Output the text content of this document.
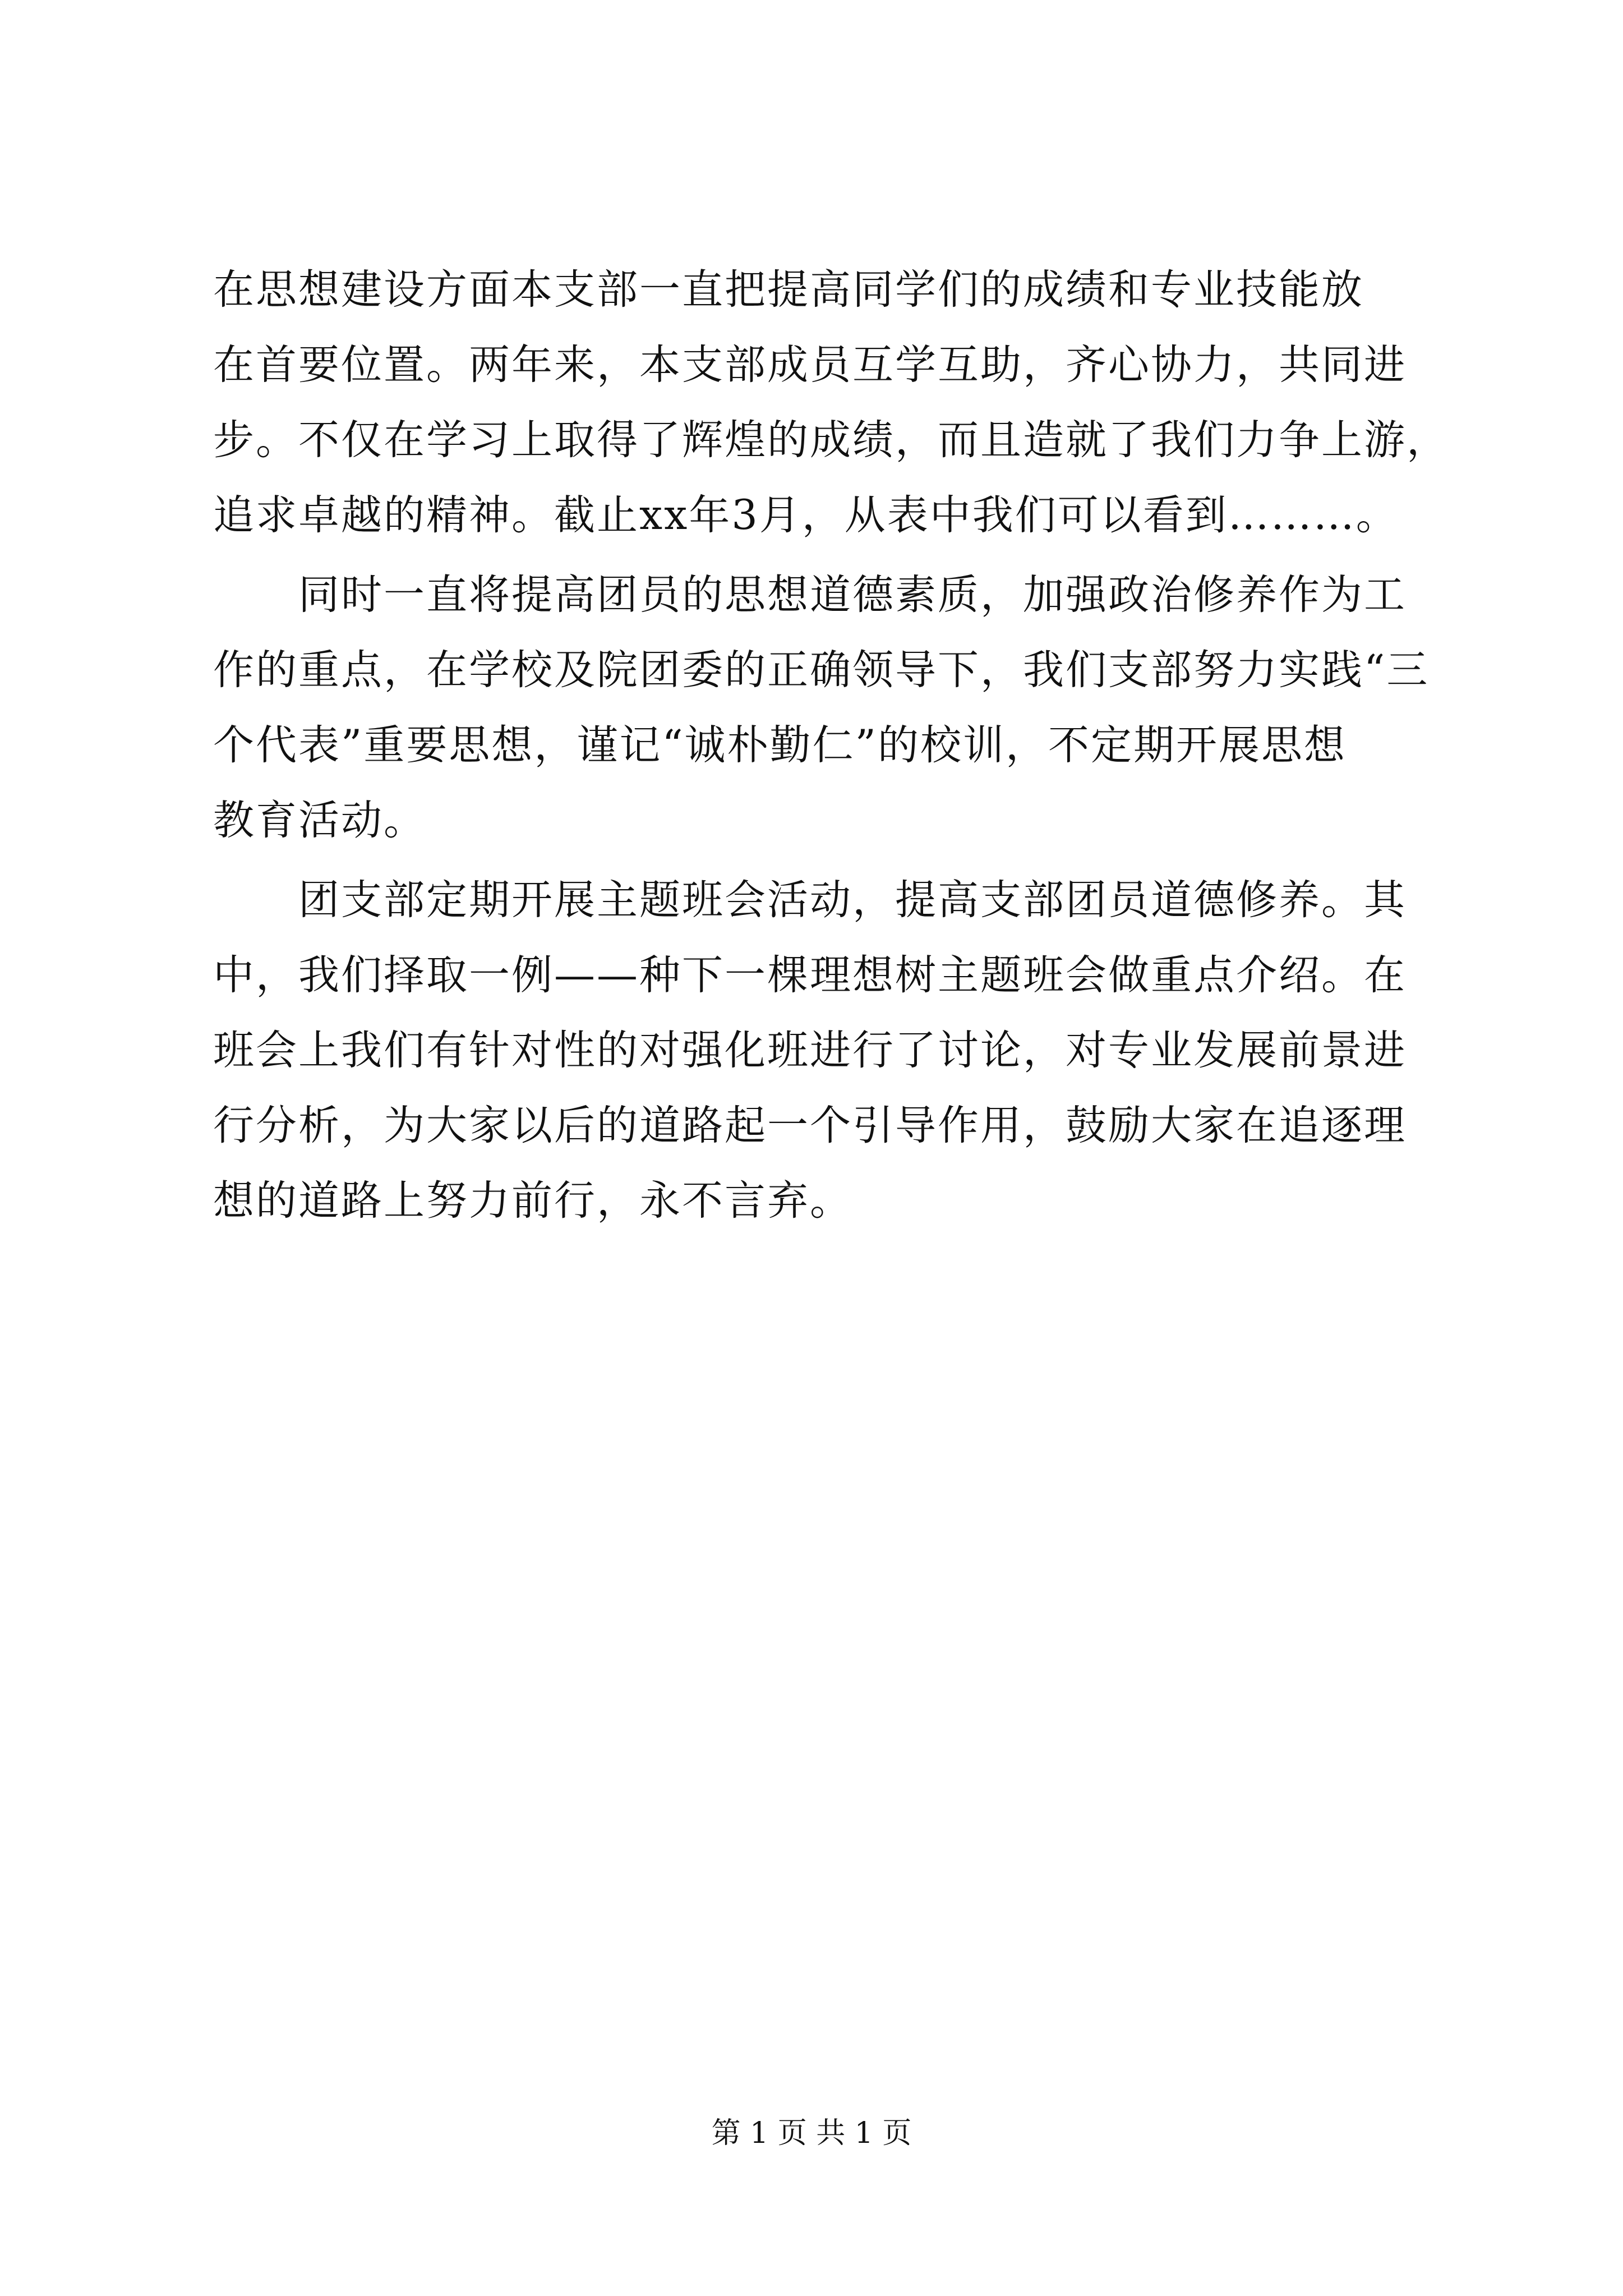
在思想建设方面本支部一直把提高同学们的成绩和专业技能放
在首要位置。两年来，本支部成员互学互助，齐心协力，共同进
步。不仅在学习上取得了辉煌的成绩，而且造就了我们力争上游，
追求卓越的精神。截止xx年3月，从表中我们可以看到………。
　　同时一直将提高团员的思想道德素质，加强政治修养作为工
作的重点，在学校及院团委的正确领导下，我们支部努力实践“三
个代表”重要思想，谨记“诚朴勤仁”的校训，不定期开展思想
教育活动。
　　团支部定期开展主题班会活动，提高支部团员道德修养。其
中，我们择取一例——种下一棵理想树主题班会做重点介绍。在
班会上我们有针对性的对强化班进行了讨论，对专业发展前景进
行分析，为大家以后的道路起一个引导作用，鼓励大家在追逐理
想的道路上努力前行，永不言弃。
第 1 页 共 1 页
